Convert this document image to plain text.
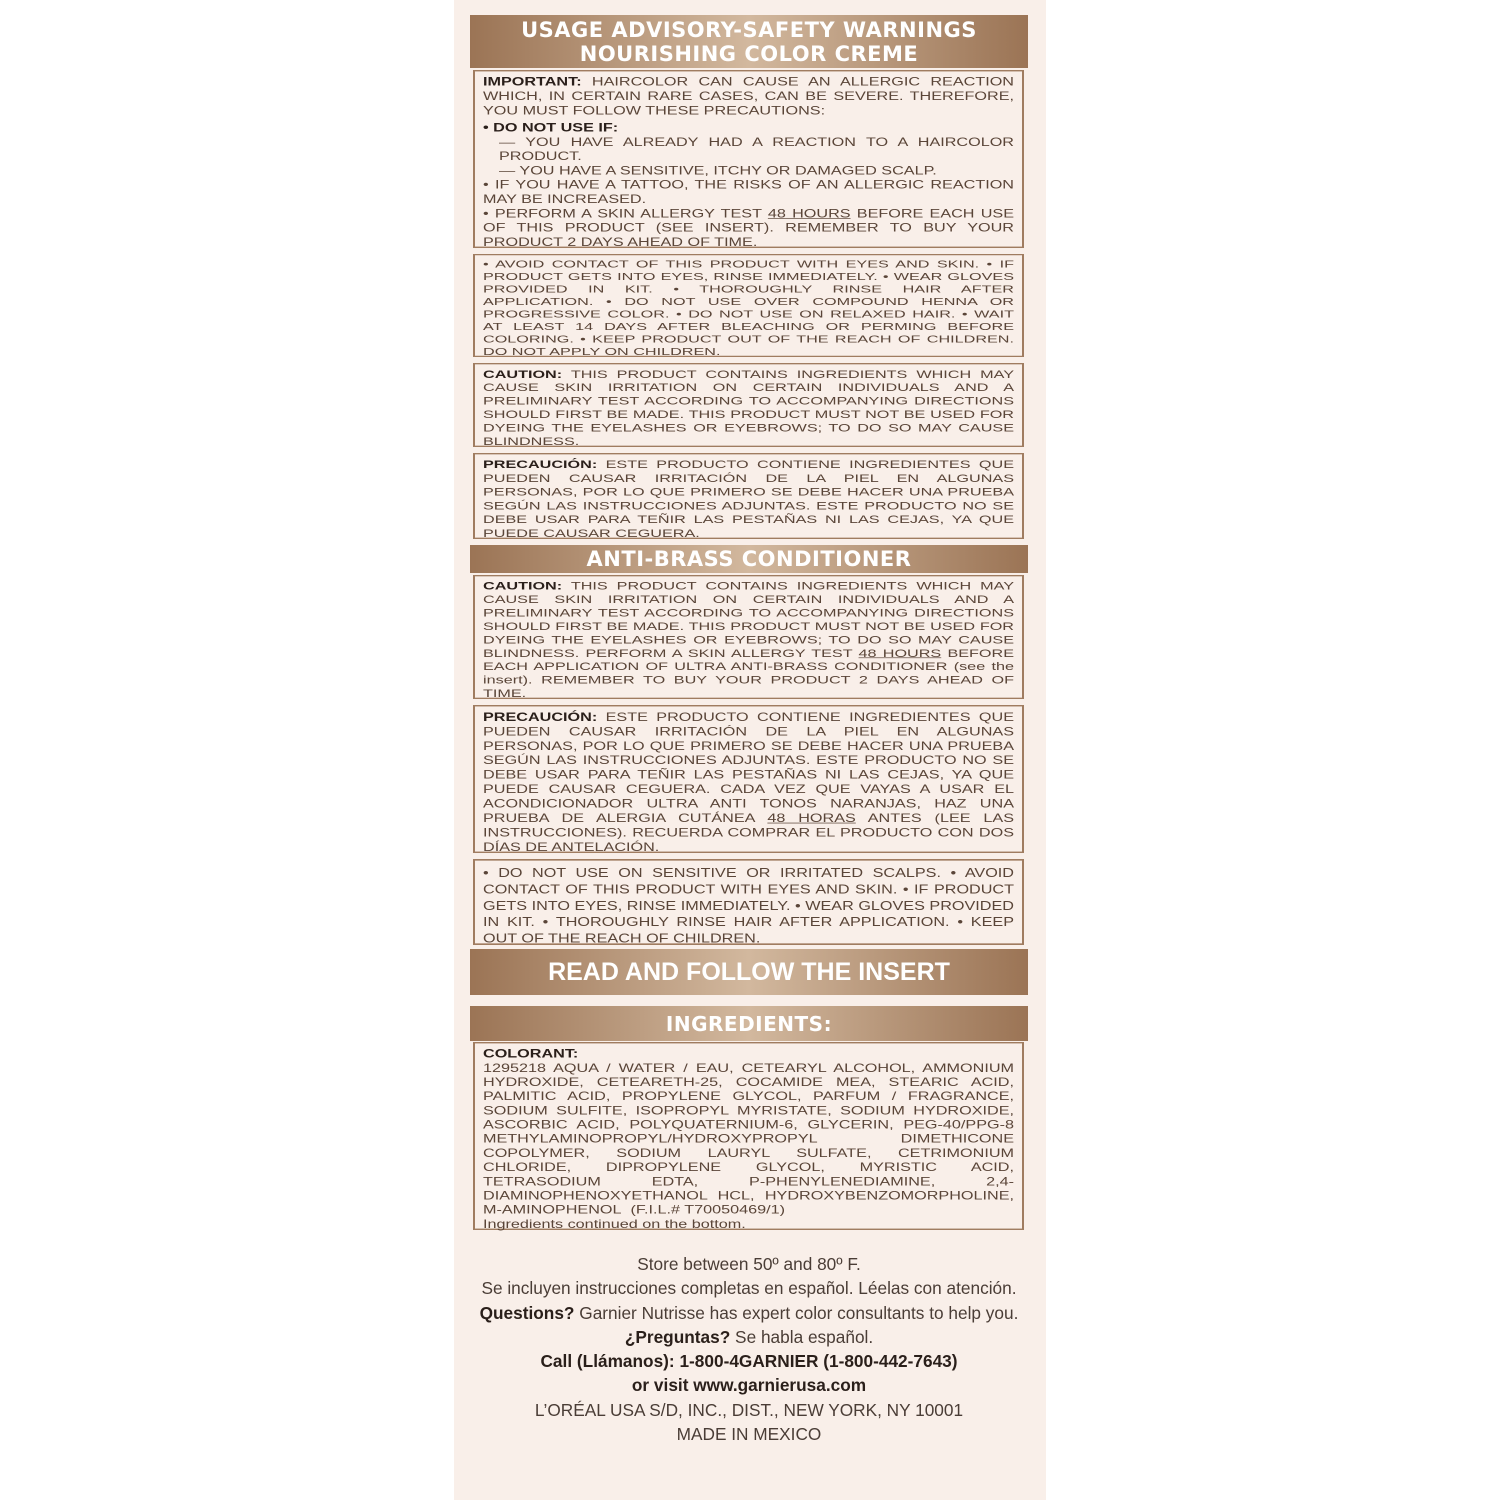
USAGE ADVISORY-SAFETY WARNINGS
NOURISHING COLOR CREME

IMPORTANT: HAIRCOLOR CAN CAUSE AN ALLERGIC REACTION WHICH, IN CERTAIN RARE CASES, CAN BE SEVERE. THEREFORE, YOU MUST FOLLOW THESE PRECAUTIONS:

• DO NOT USE IF:

— YOU HAVE ALREADY HAD A REACTION TO A HAIRCOLOR PRODUCT.

— YOU HAVE A SENSITIVE, ITCHY OR DAMAGED SCALP.

• IF YOU HAVE A TATTOO, THE RISKS OF AN ALLERGIC REACTION MAY BE INCREASED.

• PERFORM A SKIN ALLERGY TEST 48 HOURS BEFORE EACH USE OF THIS PRODUCT (SEE INSERT). REMEMBER TO BUY YOUR PRODUCT 2 DAYS AHEAD OF TIME.

• AVOID CONTACT OF THIS PRODUCT WITH EYES AND SKIN. • IF PRODUCT GETS INTO EYES, RINSE IMMEDIATELY. • WEAR GLOVES PROVIDED IN KIT. • THOROUGHLY RINSE HAIR AFTER APPLICATION. • DO NOT USE OVER COMPOUND HENNA OR PROGRESSIVE COLOR. • DO NOT USE ON RELAXED HAIR. • WAIT AT LEAST 14 DAYS AFTER BLEACHING OR PERMING BEFORE COLORING. • KEEP PRODUCT OUT OF THE REACH OF CHILDREN. DO NOT APPLY ON CHILDREN.

CAUTION: THIS PRODUCT CONTAINS INGREDIENTS WHICH MAY CAUSE SKIN IRRITATION ON CERTAIN INDIVIDUALS AND A PRELIMINARY TEST ACCORDING TO ACCOMPANYING DIRECTIONS SHOULD FIRST BE MADE. THIS PRODUCT MUST NOT BE USED FOR DYEING THE EYELASHES OR EYEBROWS; TO DO SO MAY CAUSE BLINDNESS.

PRECAUCIÓN: ESTE PRODUCTO CONTIENE INGREDIENTES QUE PUEDEN CAUSAR IRRITACIÓN DE LA PIEL EN ALGUNAS PERSONAS, POR LO QUE PRIMERO SE DEBE HACER UNA PRUEBA SEGÚN LAS INSTRUCCIONES ADJUNTAS. ESTE PRODUCTO NO SE DEBE USAR PARA TEÑIR LAS PESTAÑAS NI LAS CEJAS, YA QUE PUEDE CAUSAR CEGUERA.

ANTI-BRASS CONDITIONER

CAUTION: THIS PRODUCT CONTAINS INGREDIENTS WHICH MAY CAUSE SKIN IRRITATION ON CERTAIN INDIVIDUALS AND A PRELIMINARY TEST ACCORDING TO ACCOMPANYING DIRECTIONS SHOULD FIRST BE MADE. THIS PRODUCT MUST NOT BE USED FOR DYEING THE EYELASHES OR EYEBROWS; TO DO SO MAY CAUSE BLINDNESS. PERFORM A SKIN ALLERGY TEST 48 HOURS BEFORE EACH APPLICATION OF ULTRA ANTI-BRASS CONDITIONER (see the insert). REMEMBER TO BUY YOUR PRODUCT 2 DAYS AHEAD OF TIME.

PRECAUCIÓN: ESTE PRODUCTO CONTIENE INGREDIENTES QUE PUEDEN CAUSAR IRRITACIÓN DE LA PIEL EN ALGUNAS PERSONAS, POR LO QUE PRIMERO SE DEBE HACER UNA PRUEBA SEGÚN LAS INSTRUCCIONES ADJUNTAS. ESTE PRODUCTO NO SE DEBE USAR PARA TEÑIR LAS PESTAÑAS NI LAS CEJAS, YA QUE PUEDE CAUSAR CEGUERA. CADA VEZ QUE VAYAS A USAR EL ACONDICIONADOR ULTRA ANTI TONOS NARANJAS, HAZ UNA PRUEBA DE ALERGIA CUTÁNEA 48 HORAS ANTES (LEE LAS INSTRUCCIONES). RECUERDA COMPRAR EL PRODUCTO CON DOS DÍAS DE ANTELACIÓN.

• DO NOT USE ON SENSITIVE OR IRRITATED SCALPS. • AVOID CONTACT OF THIS PRODUCT WITH EYES AND SKIN. • IF PRODUCT GETS INTO EYES, RINSE IMMEDIATELY. • WEAR GLOVES PROVIDED IN KIT. • THOROUGHLY RINSE HAIR AFTER APPLICATION. • KEEP OUT OF THE REACH OF CHILDREN.

READ AND FOLLOW THE INSERT
INGREDIENTS:

COLORANT:

1295218 AQUA / WATER / EAU, CETEARYL ALCOHOL, AMMONIUM HYDROXIDE, CETEARETH-25, COCAMIDE MEA, STEARIC ACID, PALMITIC ACID, PROPYLENE GLYCOL, PARFUM / FRAGRANCE, SODIUM SULFITE, ISOPROPYL MYRISTATE, SODIUM HYDROXIDE, ASCORBIC ACID, POLYQUATERNIUM-6, GLYCERIN, PEG-40/PPG-8 METHYLAMINOPROPYL/HYDROXYPROPYL DIMETHICONE COPOLYMER, SODIUM LAURYL SULFATE, CETRIMONIUM CHLORIDE, DIPROPYLENE GLYCOL, MYRISTIC ACID, TETRASODIUM EDTA, P-PHENYLENEDIAMINE, 2,4-DIAMINOPHENOXYETHANOL HCL, HYDROXYBENZOMORPHOLINE, M-AMINOPHENOL (F.I.L.# T70050469/1)

Ingredients continued on the bottom.

Store between 50º and 80º F.
Se incluyen instrucciones completas en español. Léelas con atención.
Questions? Garnier Nutrisse has expert color consultants to help you.
¿Preguntas? Se habla español.
Call (Llámanos): 1-800-4GARNIER (1-800-442-7643)
or visit www.garnierusa.com
L’ORÉAL USA S/D, INC., DIST., NEW YORK, NY 10001
MADE IN MEXICO
